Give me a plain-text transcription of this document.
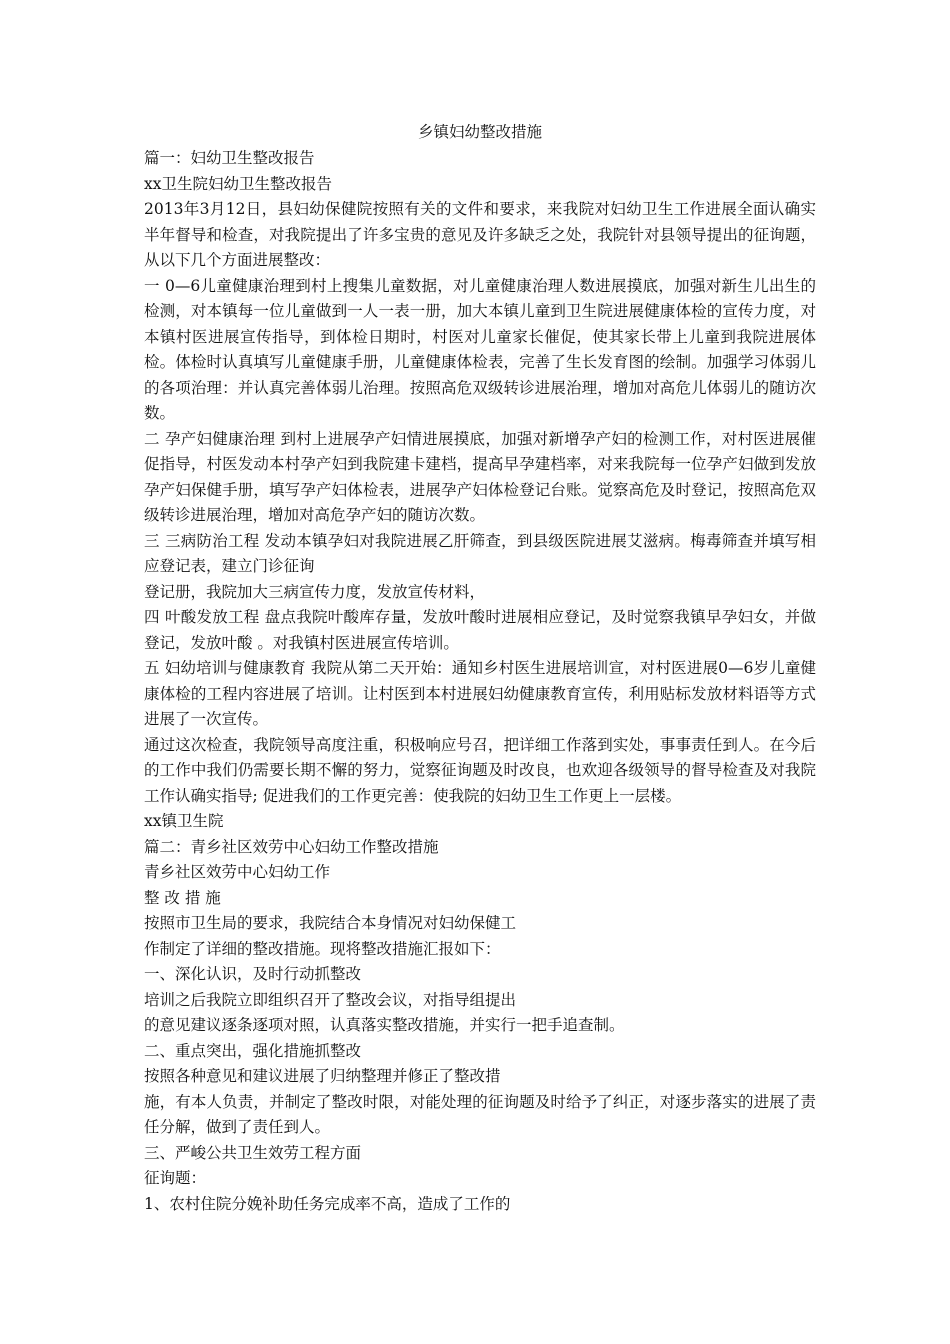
乡镇妇幼整改措施

篇一：妇幼卫生整改报告

xx卫生院妇幼卫生整改报告

2013年3月12日，县妇幼保健院按照有关的文件和要求，来我院对妇幼卫生工作进展全面认确实半年督导和检查，对我院提出了许多宝贵的意见及许多缺乏之处，我院针对县领导提出的征询题，从以下几个方面进展整改：

一 0—6儿童健康治理到村上搜集儿童数据，对儿童健康治理人数进展摸底，加强对新生儿出生的检测，对本镇每一位儿童做到一人一表一册，加大本镇儿童到卫生院进展健康体检的宣传力度，对本镇村医进展宣传指导，到体检日期时，村医对儿童家长催促，使其家长带上儿童到我院进展体检。体检时认真填写儿童健康手册，儿童健康体检表，完善了生长发育图的绘制。加强学习体弱儿的各项治理：并认真完善体弱儿治理。按照高危双级转诊进展治理，增加对高危儿体弱儿的随访次数。

二 孕产妇健康治理 到村上进展孕产妇情进展摸底，加强对新增孕产妇的检测工作，对村医进展催促指导，村医发动本村孕产妇到我院建卡建档，提高早孕建档率，对来我院每一位孕产妇做到发放孕产妇保健手册，填写孕产妇体检表，进展孕产妇体检登记台账。觉察高危及时登记，按照高危双级转诊进展治理，增加对高危孕产妇的随访次数。

三 三病防治工程 发动本镇孕妇对我院进展乙肝筛查，到县级医院进展艾滋病。梅毒筛查并填写相应登记表，建立门诊征询

登记册，我院加大三病宣传力度，发放宣传材料，

四 叶酸发放工程 盘点我院叶酸库存量，发放叶酸时进展相应登记，及时觉察我镇早孕妇女，并做登记，发放叶酸 。对我镇村医进展宣传培训。

五 妇幼培训与健康教育 我院从第二天开始：通知乡村医生进展培训宣，对村医进展0—6岁儿童健康体检的工程内容进展了培训。让村医到本村进展妇幼健康教育宣传，利用贴标发放材料语等方式进展了一次宣传。

通过这次检查，我院领导高度注重，积极响应号召，把详细工作落到实处，事事责任到人。在今后的工作中我们仍需要长期不懈的努力，觉察征询题及时改良，也欢迎各级领导的督导检查及对我院工作认确实指导; 促进我们的工作更完善：使我院的妇幼卫生工作更上一层楼。

xx镇卫生院

篇二：青乡社区效劳中心妇幼工作整改措施

青乡社区效劳中心妇幼工作

整 改 措 施

按照市卫生局的要求，我院结合本身情况对妇幼保健工

作制定了详细的整改措施。现将整改措施汇报如下：

一、深化认识，及时行动抓整改

培训之后我院立即组织召开了整改会议，对指导组提出

的意见建议逐条逐项对照，认真落实整改措施，并实行一把手追查制。

二、重点突出，强化措施抓整改

按照各种意见和建议进展了归纳整理并修正了整改措

施，有本人负责，并制定了整改时限，对能处理的征询题及时给予了纠正，对逐步落实的进展了责任分解，做到了责任到人。

三、严峻公共卫生效劳工程方面

征询题：

1、农村住院分娩补助任务完成率不高，造成了工作的
